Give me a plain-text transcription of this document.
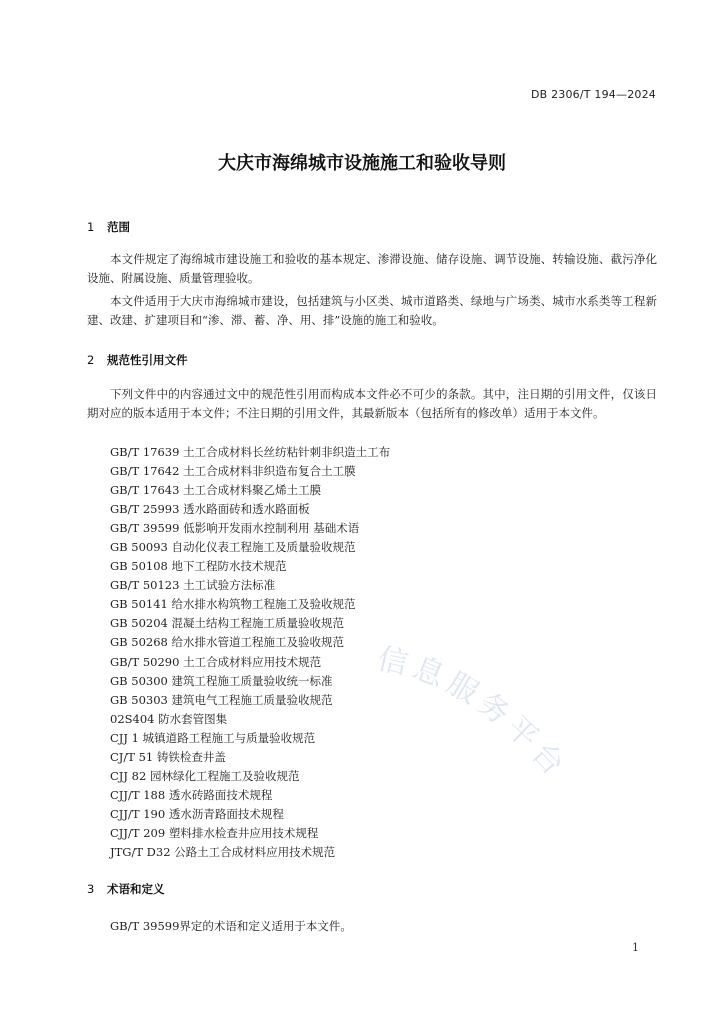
DB 2306/T 194—2024
大庆市海绵城市设施施工和验收导则
1 范围
本文件规定了海绵城市建设施工和验收的基本规定、渗滞设施、储存设施、调节设施、转输设施、截污净化设施、附属设施、质量管理验收。
本文件适用于大庆市海绵城市建设，包括建筑与小区类、城市道路类、绿地与广场类、城市水系类等工程新建、改建、扩建项目和“渗、滞、蓄、净、用、排”设施的施工和验收。
2 规范性引用文件
下列文件中的内容通过文中的规范性引用而构成本文件必不可少的条款。其中，注日期的引用文件，仅该日期对应的版本适用于本文件；不注日期的引用文件，其最新版本（包括所有的修改单）适用于本文件。
GB/T 17639 土工合成材料长丝纺粘针刺非织造土工布
GB/T 17642 土工合成材料非织造布复合土工膜
GB/T 17643 土工合成材料聚乙烯土工膜
GB/T 25993 透水路面砖和透水路面板
GB/T 39599 低影响开发雨水控制利用 基础术语
GB 50093 自动化仪表工程施工及质量验收规范
GB 50108 地下工程防水技术规范
GB/T 50123 土工试验方法标准
GB 50141 给水排水构筑物工程施工及验收规范
GB 50204 混凝土结构工程施工质量验收规范
GB 50268 给水排水管道工程施工及验收规范
GB/T 50290 土工合成材料应用技术规范
GB 50300 建筑工程施工质量验收统一标准
GB 50303 建筑电气工程施工质量验收规范
02S404 防水套管图集
CJJ 1 城镇道路工程施工与质量验收规范
CJ/T 51 铸铁检查井盖
CJJ 82 园林绿化工程施工及验收规范
CJJ/T 188 透水砖路面技术规程
CJJ/T 190 透水沥青路面技术规程
CJJ/T 209 塑料排水检查井应用技术规程
JTG/T D32 公路土工合成材料应用技术规范
3 术语和定义
GB/T 39599界定的术语和定义适用于本文件。
1
信息服务平台
